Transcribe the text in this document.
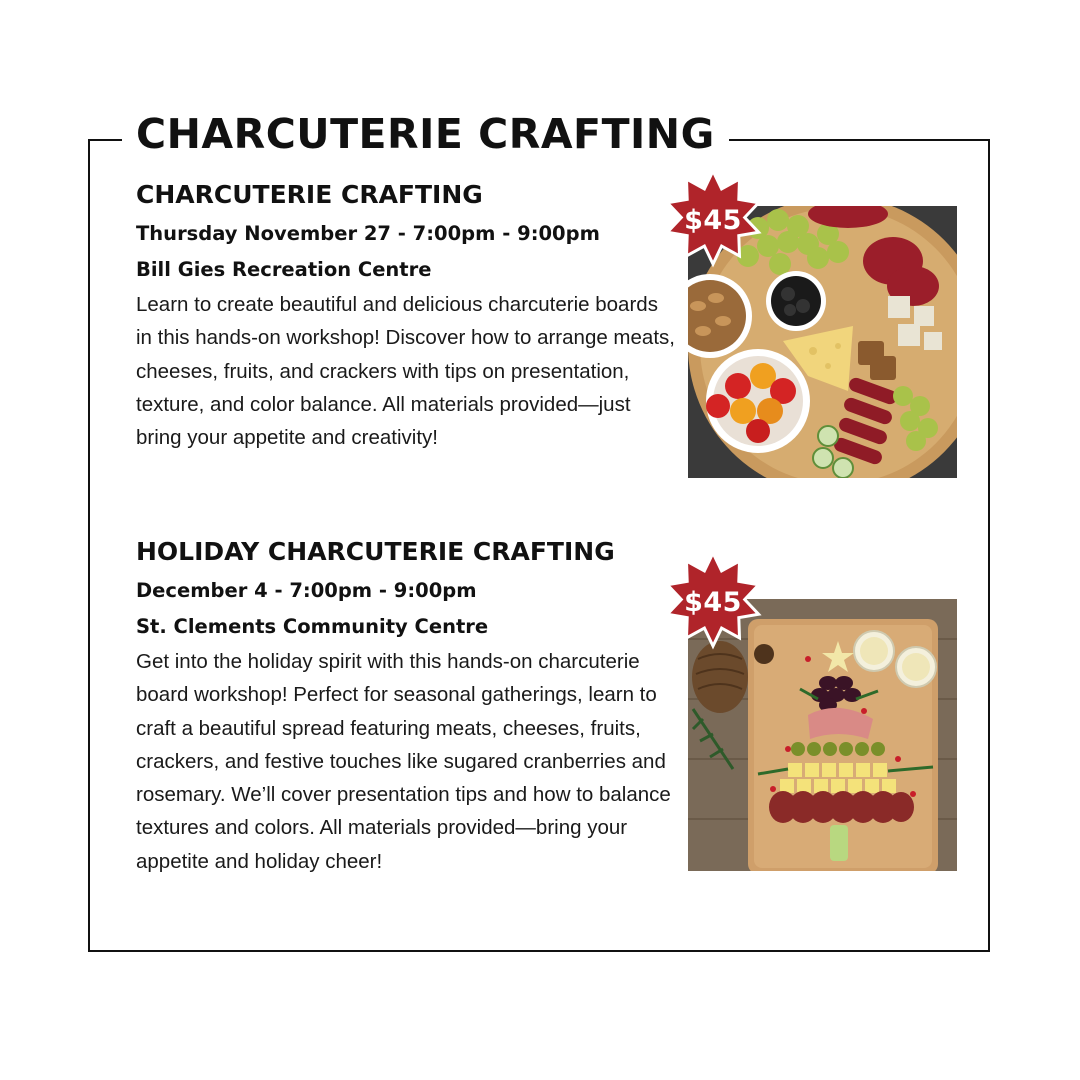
CHARCUTERIE CRAFTING
CHARCUTERIE CRAFTING
Thursday November 27 - 7:00pm - 9:00pm
Bill Gies Recreation Centre
Learn to create beautiful and delicious charcuterie boards in this hands-on workshop! Discover how to arrange meats, cheeses, fruits, and crackers with tips on presentation, texture, and color balance. All materials provided—just bring your appetite and creativity!
$45
HOLIDAY CHARCUTERIE CRAFTING
December 4 - 7:00pm - 9:00pm
St. Clements Community Centre
Get into the holiday spirit with this hands-on charcuterie board workshop! Perfect for seasonal gatherings, learn to craft a beautiful spread featuring meats, cheeses, fruits, crackers, and festive touches like sugared cranberries and rosemary. We’ll cover presentation tips and how to balance textures and colors. All materials provided—bring your appetite and holiday cheer!
$45
